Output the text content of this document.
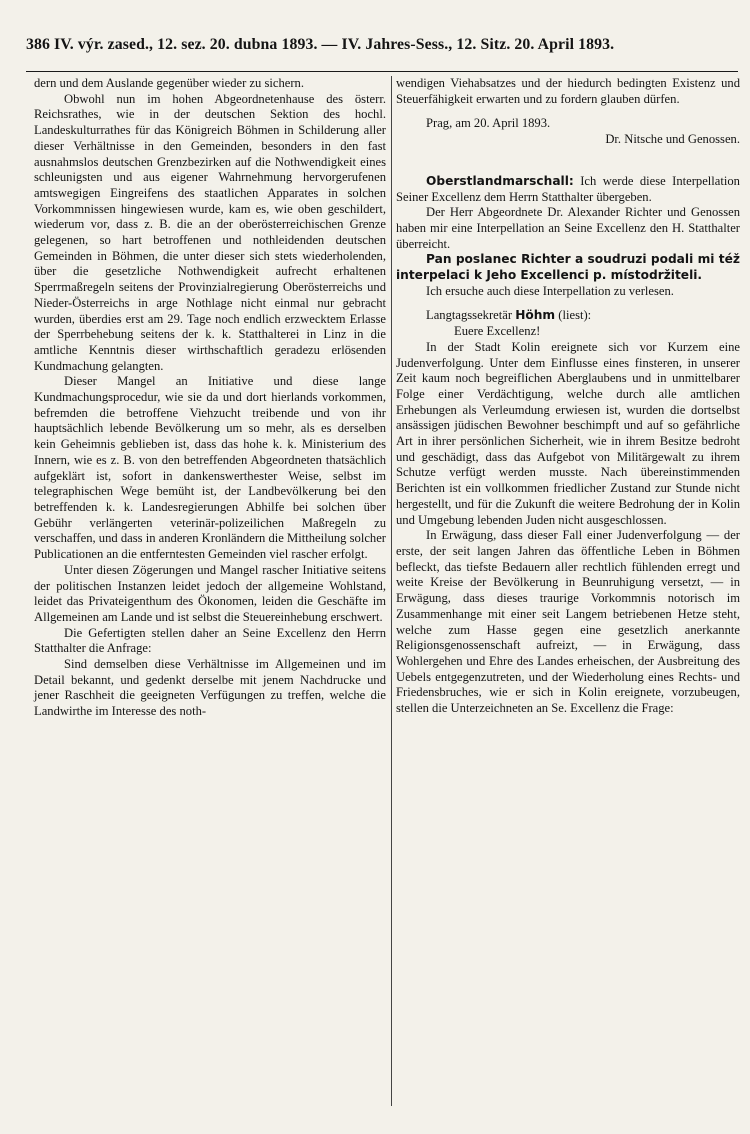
386 IV. výr. zased., 12. sez. 20. dubna 1893. — IV. Jahres-Sess., 12. Sitz. 20. April 1893.

dern und dem Auslande gegenüber wieder zu sichern.

Obwohl nun im hohen Abgeordnetenhause des österr. Reichsrathes, wie in der deutschen Sektion des hochl. Landeskulturrathes für das Königreich Böhmen in Schilderung aller dieser Verhältnisse in den Gemeinden, besonders in den fast ausnahmslos deutschen Grenzbezirken auf die Nothwendigkeit eines schleunigsten und aus eigener Wahrnehmung hervorgerufenen amtswegigen Eingreifens des staatlichen Apparates in solchen Vorkommnissen hingewiesen wurde, kam es, wie oben geschildert, wiederum vor, dass z. B. die an der oberösterreichischen Grenze gelegenen, so hart betroffenen und nothleidenden deutschen Gemeinden in Böhmen, die unter dieser sich stets wiederholenden, über die gesetzliche Nothwendigkeit aufrecht erhaltenen Sperrmaßregeln seitens der Provinzialregierung Oberösterreichs und Nieder-Österreichs in arge Nothlage nicht einmal nur gebracht wurden, überdies erst am 29. Tage noch endlich erzwecktem Erlasse der Sperrbehebung seitens der k. k. Statthalterei in Linz in die amtliche Kenntnis dieser wirthschaftlich geradezu erlösenden Kundmachung gelangten.

Dieser Mangel an Initiative und diese lange Kundmachungsprocedur, wie sie da und dort hierlands vorkommen, befremden die betroffene Viehzucht treibende und von ihr hauptsächlich lebende Bevölkerung um so mehr, als es derselben kein Geheimnis geblieben ist, dass das hohe k. k. Ministerium des Innern, wie es z. B. von den betreffenden Abgeordneten thatsächlich aufgeklärt ist, sofort in dankenswerthester Weise, selbst im telegraphischen Wege bemüht ist, der Landbevölkerung bei den betreffenden k. k. Landesregierungen Abhilfe bei solchen über Gebühr verlängerten veterinär-polizeilichen Maßregeln zu verschaffen, und dass in anderen Kronländern die Mittheilung solcher Publicationen an die entferntesten Gemeinden viel rascher erfolgt.

Unter diesen Zögerungen und Mangel rascher Initiative seitens der politischen Instanzen leidet jedoch der allgemeine Wohlstand, leidet das Privateigenthum des Ökonomen, leiden die Geschäfte im Allgemeinen am Lande und ist selbst die Steuereinhebung erschwert.

Die Gefertigten stellen daher an Seine Excellenz den Herrn Statthalter die Anfrage:

Sind demselben diese Verhältnisse im Allgemeinen und im Detail bekannt, und gedenkt derselbe mit jenem Nachdrucke und jener Raschheit die geeigneten Verfügungen zu treffen, welche die Landwirthe im Interesse des noth-

wendigen Viehabsatzes und der hiedurch bedingten Existenz und Steuerfähigkeit erwarten und zu fordern glauben dürfen.

Prag, am 20. April 1893.

Dr. Nitsche und Genossen.

Oberstlandmarschall: Ich werde diese Interpellation Seiner Excellenz dem Herrn Statthalter übergeben.

Der Herr Abgeordnete Dr. Alexander Richter und Genossen haben mir eine Interpellation an Seine Excellenz den H. Statthalter überreicht.

Pan poslanec Richter a soudruzi podali mi též interpelaci k Jeho Excellenci p. místodržiteli.

Ich ersuche auch diese Interpellation zu verlesen.

Langtagssekretär Höhm (liest):

Euere Excellenz!

In der Stadt Kolin ereignete sich vor Kurzem eine Judenverfolgung. Unter dem Einflusse eines finsteren, in unserer Zeit kaum noch begreiflichen Aberglaubens und in unmittelbarer Folge einer Verdächtigung, welche durch alle amtlichen Erhebungen als Verleumdung erwiesen ist, wurden die dortselbst ansässigen jüdischen Bewohner beschimpft und auf so gefährliche Art in ihrer persönlichen Sicherheit, wie in ihrem Besitze bedroht und geschädigt, dass das Aufgebot von Militärgewalt zu ihrem Schutze verfügt werden musste. Nach übereinstimmenden Berichten ist ein vollkommen friedlicher Zustand zur Stunde nicht hergestellt, und für die Zukunft die weitere Bedrohung der in Kolin und Umgebung lebenden Juden nicht ausgeschlossen.

In Erwägung, dass dieser Fall einer Judenverfolgung — der erste, der seit langen Jahren das öffentliche Leben in Böhmen befleckt, das tiefste Bedauern aller rechtlich fühlenden erregt und weite Kreise der Bevölkerung in Beunruhigung versetzt, — in Erwägung, dass dieses traurige Vorkommnis notorisch im Zusammenhange mit einer seit Langem betriebenen Hetze steht, welche zum Hasse gegen eine gesetzlich anerkannte Religionsgenossenschaft aufreizt, — in Erwägung, dass Wohlergehen und Ehre des Landes erheischen, der Ausbreitung des Uebels entgegenzutreten, und der Wiederholung eines Rechts- und Friedensbruches, wie er sich in Kolin ereignete, vorzubeugen, stellen die Unterzeichneten an Se. Excellenz die Frage:
